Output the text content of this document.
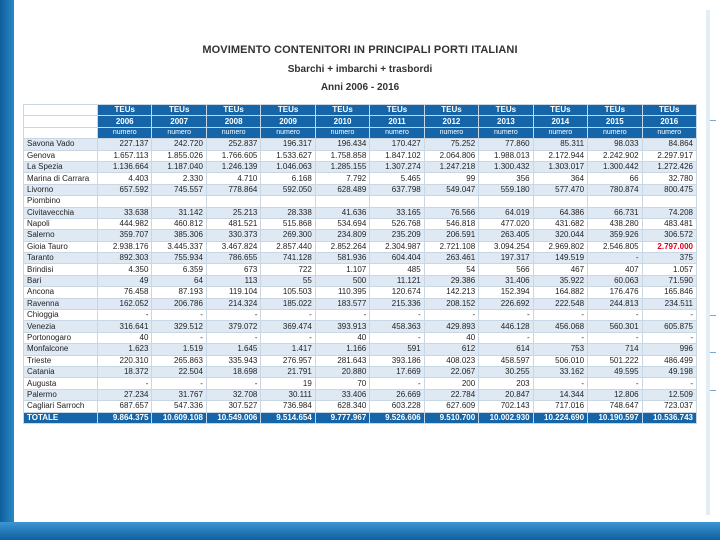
MOVIMENTO CONTENITORI IN PRINCIPALI PORTI ITALIANI
Sbarchi + imbarchi + trasbordi
Anni 2006 - 2016
	TEUs	TEUs	TEUs	TEUs	TEUs	TEUs	TEUs	TEUs	TEUs	TEUs	TEUs
	2006	2007	2008	2009	2010	2011	2012	2013	2014	2015	2016
	numero	numero	numero	numero	numero	numero	numero	numero	numero	numero	numero
Savona Vado	227.137	242.720	252.837	196.317	196.434	170.427	75.252	77.860	85.311	98.033	84.864
Genova	1.657.113	1.855.026	1.766.605	1.533.627	1.758.858	1.847.102	2.064.806	1.988.013	2.172.944	2.242.902	2.297.917
La Spezia	1.136.664	1.187.040	1.246.139	1.046.063	1.285.155	1.307.274	1.247.218	1.300.432	1.303.017	1.300.442	1.272.426
Marina di Carrara	4.403	2.330	4.710	6.168	7.792	5.465	99	356	364	66	32.780
Livorno	657.592	745.557	778.864	592.050	628.489	637.798	549.047	559.180	577.470	780.874	800.475
Piombino											
Civitavecchia	33.638	31.142	25.213	28.338	41.636	33.165	76.566	64.019	64.386	66.731	74.208
Napoli	444.982	460.812	481.521	515.868	534.694	526.768	546.818	477.020	431.682	438.280	483.481
Salerno	359.707	385.306	330.373	269.300	234.809	235.209	206.591	263.405	320.044	359.926	306.572
Gioia Tauro	2.938.176	3.445.337	3.467.824	2.857.440	2.852.264	2.304.987	2.721.108	3.094.254	2.969.802	2.546.805	2.797.000
Taranto	892.303	755.934	786.655	741.128	581.936	604.404	263.461	197.317	149.519	-	375
Brindisi	4.350	6.359	673	722	1.107	485	54	566	467	407	1.057
Bari	49	64	113	55	500	11.121	29.386	31.406	35.922	60.063	71.590
Ancona	76.458	87.193	119.104	105.503	110.395	120.674	142.213	152.394	164.882	176.476	165.846
Ravenna	162.052	206.786	214.324	185.022	183.577	215.336	208.152	226.692	222.548	244.813	234.511
Chioggia	-	-	-	-	-	-	-	-	-	-	-
Venezia	316.641	329.512	379.072	369.474	393.913	458.363	429.893	446.128	456.068	560.301	605.875
Portonogaro	40	-	-	-	40	-	40	-	-	-	-
Monfalcone	1.623	1.519	1.645	1.417	1.166	591	612	614	753	714	996
Trieste	220.310	265.863	335.943	276.957	281.643	393.186	408.023	458.597	506.010	501.222	486.499
Catania	18.372	22.504	18.698	21.791	20.880	17.669	22.067	30.255	33.162	49.595	49.198
Augusta	-	-	-	19	70	-	200	203	-	-	-
Palermo	27.234	31.767	32.708	30.111	33.406	26.669	22.784	20.847	14.344	12.806	12.509
Cagliari Sarroch	687.657	547.336	307.527	736.984	628.340	603.228	627.609	702.143	717.016	748.647	723.037
TOTALE	9.864.375	10.609.108	10.549.006	9.514.654	9.777.967	9.526.606	9.510.700	10.002.930	10.224.690	10.190.597	10.536.743
